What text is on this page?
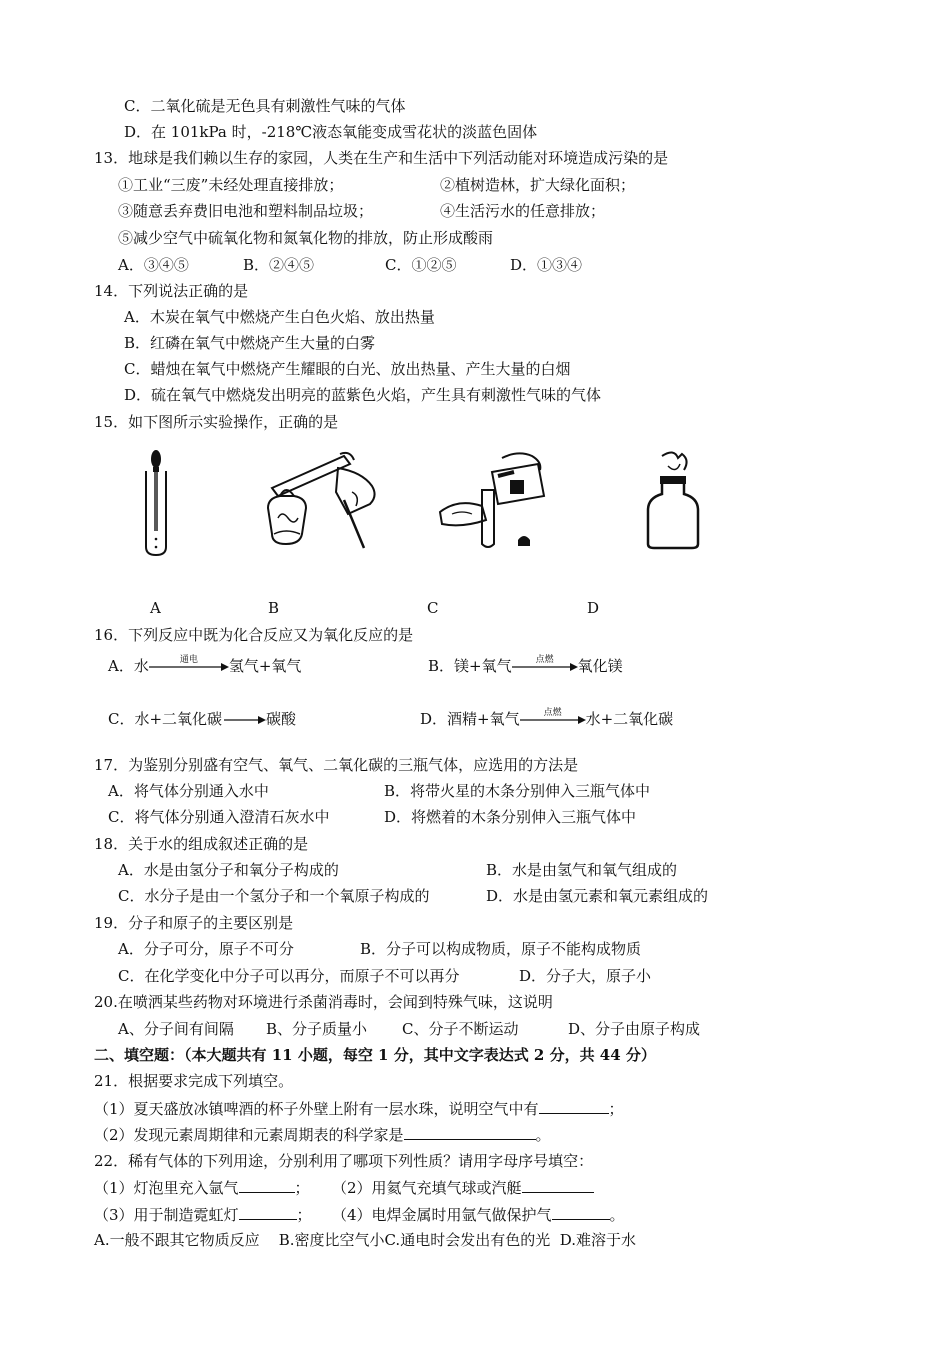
C．二氧化硫是无色具有刺激性气味的气体
D．在 101kPa 时，-218℃液态氧能变成雪花状的淡蓝色固体
13．地球是我们赖以生存的家园，人类在生产和生活中下列活动能对环境造成污染的是
①工业“三废”未经处理直接排放；	②植树造林，扩大绿化面积；
③随意丢弃费旧电池和塑料制品垃圾；	④生活污水的任意排放；
⑤减少空气中硫氧化物和氮氧化物的排放，防止形成酸雨
A．③④⑤	B．②④⑤	C．①②⑤	D．①③④
14．下列说法正确的是
A．木炭在氧气中燃烧产生白色火焰、放出热量
B．红磷在氧气中燃烧产生大量的白雾
C．蜡烛在氧气中燃烧产生耀眼的白光、放出热量、产生大量的白烟
D．硫在氧气中燃烧发出明亮的蓝紫色火焰，产生具有刺激性气味的气体
15．如下图所示实验操作，正确的是
A	B	C	D
16．下列反应中既为化合反应又为氧化反应的是
A．水	通电	氢气+氧气	B．镁+氧气	点燃	氧化镁
C．水+二氧化碳→碳酸	D．酒精+氧气	点燃	水+二氧化碳
17．为鉴别分别盛有空气、氧气、二氧化碳的三瓶气体，应选用的方法是
A．将气体分别通入水中	B．将带火星的木条分别伸入三瓶气体中
C．将气体分别通入澄清石灰水中	D．将燃着的木条分别伸入三瓶气体中
18．关于水的组成叙述正确的是
A．水是由氢分子和氧分子构成的	B．水是由氢气和氧气组成的
C．水分子是由一个氢分子和一个氧原子构成的	D．水是由氢元素和氧元素组成的
19．分子和原子的主要区别是
A．分子可分，原子不可分	B．分子可以构成物质，原子不能构成物质
C．在化学变化中分子可以再分，而原子不可以再分	D．分子大，原子小
20.在喷洒某些药物对环境进行杀菌消毒时，会闻到特殊气味，这说明
A、分子间有间隔 B、分子质量小 C、分子不断运动	D、分子由原子构成
二、填空题：（本大题共有 11 小题，每空 1 分，其中文字表达式 2 分，共 44 分）
21．根据要求完成下列填空。
（1）夏天盛放冰镇啤酒的杯子外壁上附有一层水珠，说明空气中有	；
（2）发现元素周期律和元素周期表的科学家是	。
22．稀有气体的下列用途，分别利用了哪项下列性质？请用字母序号填空：
（1）灯泡里充入氩气	； （2）用氦气充填气球或汽艇
（3）用于制造霓虹灯	； （4）电焊金属时用氩气做保护气	。
A.一般不跟其它物质反应 B.密度比空气小C.通电时会发出有色的光 D.难溶于水
